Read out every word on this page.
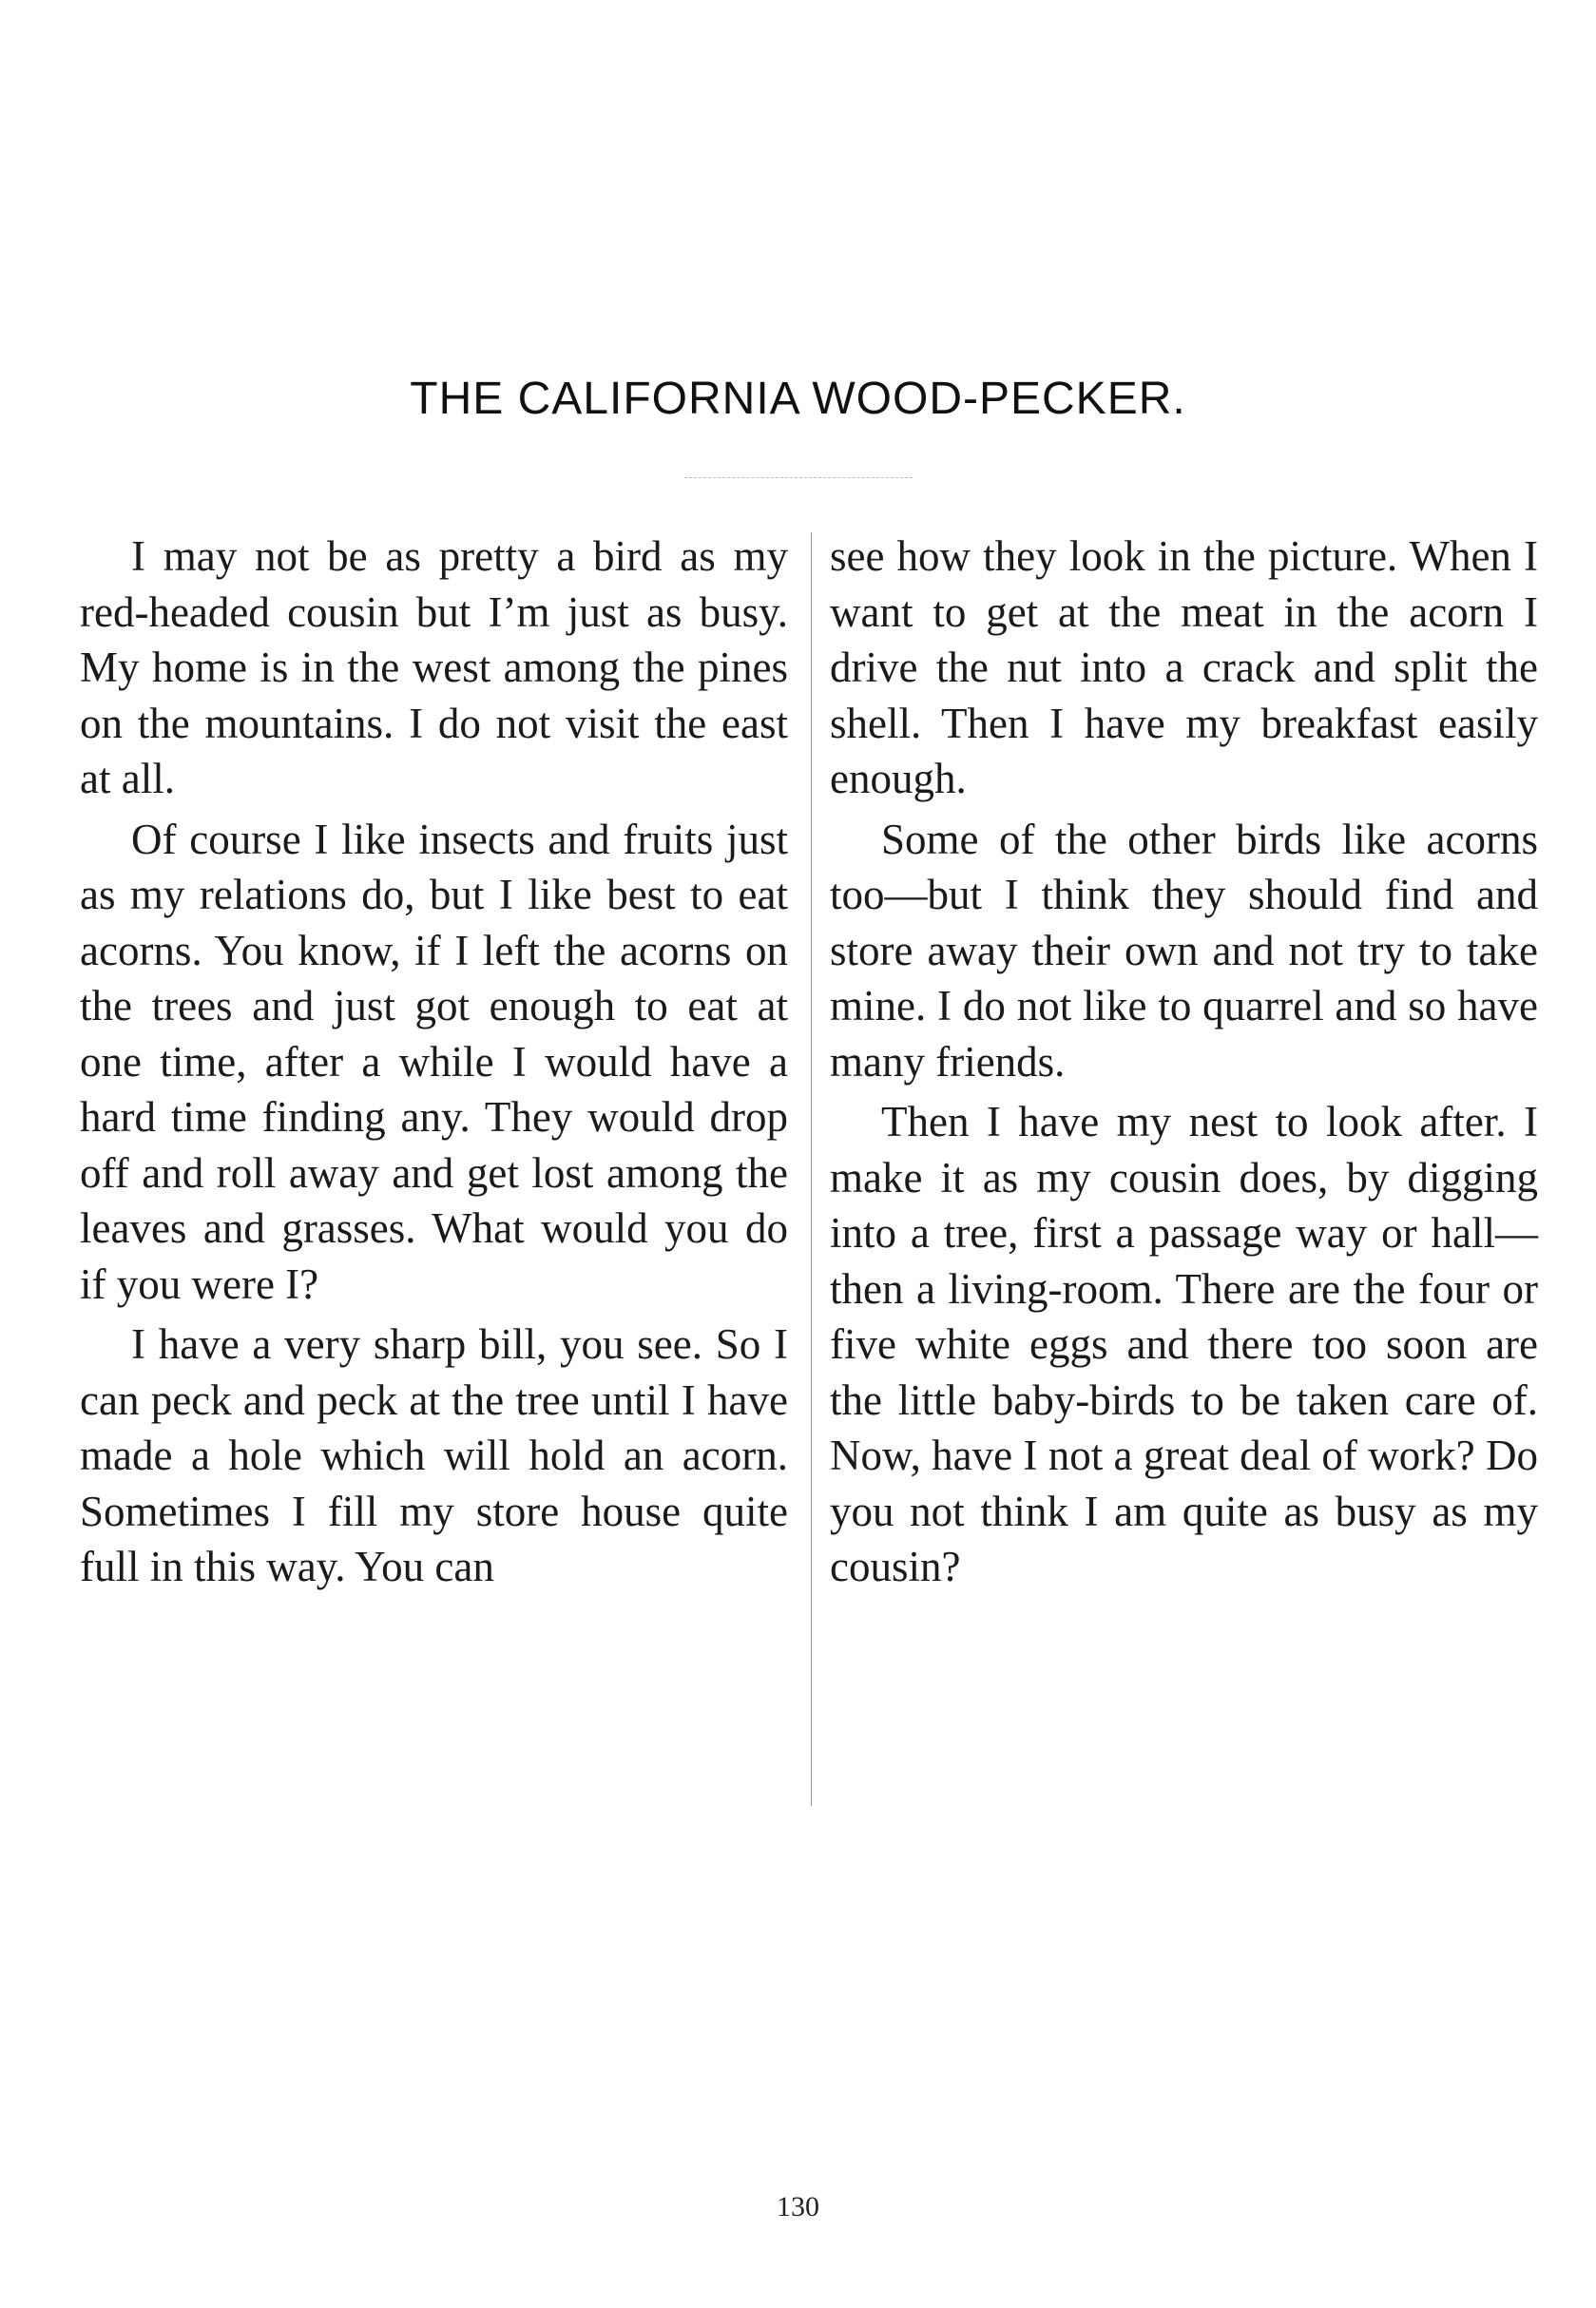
THE CALIFORNIA WOOD-PECKER.

I may not be as pretty a bird as my red-headed cousin but I’m just as busy. My home is in the west among the pines on the mountains. I do not visit the east at all.

Of course I like insects and fruits just as my relations do, but I like best to eat acorns. You know, if I left the acorns on the trees and just got enough to eat at one time, after a while I would have a hard time finding any. They would drop off and roll away and get lost among the leaves and grasses. What would you do if you were I?

I have a very sharp bill, you see. So I can peck and peck at the tree until I have made a hole which will hold an acorn. Sometimes I fill my store house quite full in this way. You can

see how they look in the picture. When I want to get at the meat in the acorn I drive the nut into a crack and split the shell. Then I have my breakfast easily enough.

Some of the other birds like acorns too—but I think they should find and store away their own and not try to take mine. I do not like to quarrel and so have many friends.

Then I have my nest to look after. I make it as my cousin does, by digging into a tree, first a passage way or hall—then a living-room. There are the four or five white eggs and there too soon are the little baby-birds to be taken care of. Now, have I not a great deal of work? Do you not think I am quite as busy as my cousin?

130
